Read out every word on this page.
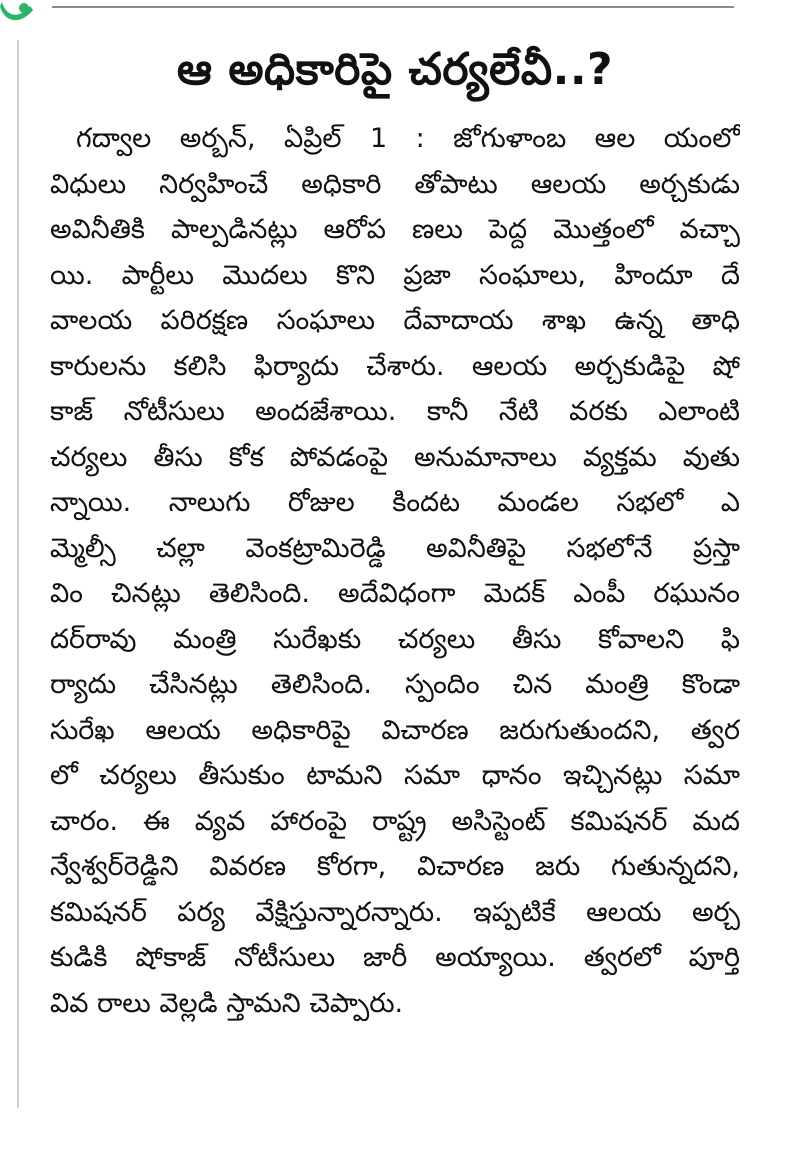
ఆ అధికారిపై చర్యలేవీ..?
గద్వాల అర్బన్, ఏప్రిల్ 1 : జోగుళాంబ ఆల యంలో
విధులు నిర్వహించే అధికారి తోపాటు ఆలయ అర్చకుడు
అవినీతికి పాల్పడినట్లు ఆరోప ణలు పెద్ద మొత్తంలో వచ్చా
యి. పార్టీలు మొదలు కొని ప్రజా సంఘాలు, హిందూ దే
వాలయ పరిరక్షణ సంఘాలు దేవాదాయ శాఖ ఉన్న తాధి
కారులను కలిసి ఫిర్యాదు చేశారు. ఆలయ అర్చకుడిపై షో
కాజ్ నోటీసులు అందజేశాయి. కానీ నేటి వరకు ఎలాంటి
చర్యలు తీసు కోక పోవడంపై అనుమానాలు వ్యక్తమ వుతు
న్నాయి. నాలుగు రోజుల కిందట మండల సభలో ఎ
మ్మెల్సీ చల్లా వెంకట్రామిరెడ్డి అవినీతిపై సభలోనే ప్రస్తా
విం చినట్లు తెలిసింది. అదేవిధంగా మెదక్ ఎంపీ రఘునం
దర్‌రావు మంత్రి సురేఖకు చర్యలు తీసు కోవాలని ఫి
ర్యాదు చేసినట్లు తెలిసింది. స్పందిం చిన మంత్రి కొండా
సురేఖ ఆలయ అధికారిపై విచారణ జరుగుతుందని, త్వర
లో చర్యలు తీసుకుం టామని సమా ధానం ఇచ్చినట్లు సమా
చారం. ఈ వ్యవ హారంపై రాష్ట్ర అసిస్టెంట్ కమిషనర్ మద
న్వేశ్వర్‌రెడ్డిని వివరణ కోరగా, విచారణ జరు గుతున్నదని,
కమిషనర్ పర్య వేక్షిస్తున్నారన్నారు. ఇప్పటికే ఆలయ అర్చ
కుడికి షోకాజ్ నోటీసులు జారీ అయ్యాయి. త్వరలో పూర్తి
వివ రాలు వెల్లడి స్తామని చెప్పారు.
